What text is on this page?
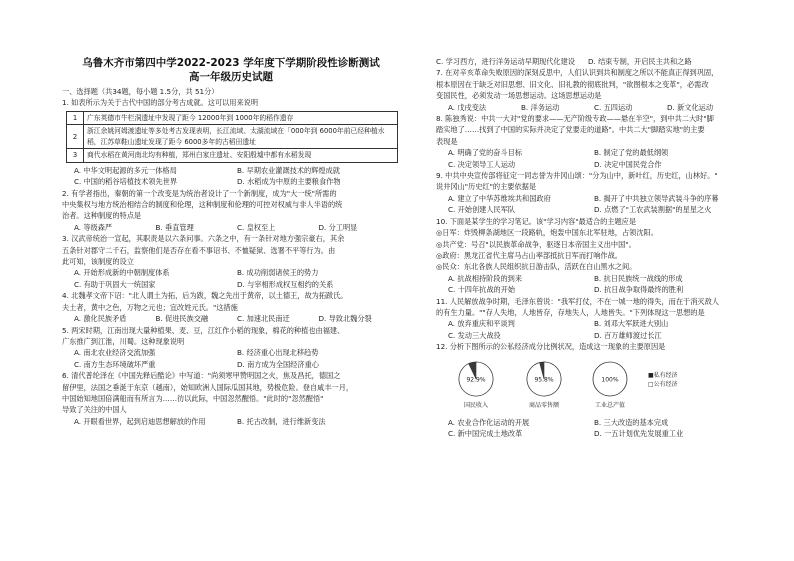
乌鲁木齐市第四中学2022-2023 学年度下学期阶段性诊断测试
高一年级历史试题
一、选择题（共34题，每小题 1.5分，共 51分）
1. 如表所示为关于古代中国的部分考古成就。这可以用来说明
1	广东英德市牛栏洞遗址中发现了距今 12000年到 1000年的稻作遗存
2	浙江余姚河姆渡遗址等多处考古发现表明，长江流域、太湖流域在「000年到 6000年前已经种植水稻，江苏草鞋山遗址发现了距今 6000多年的古稻田遗址
3	商代水稻在黄河南北均有种植，郑州白家庄遗址、安阳殷墟中都有水稻发现
A. 中华文明起源的多元一体格局	B. 早期农业灌溉技术的辉煌成就
C. 中国的稻谷培植技术领先世界	D. 水稻成为中原的主要粮食作物
2. 有学者指出，秦朝的第一个改变是为统治者设计了一个新制度，成为"大一统"所需的
中央集权与地方统治相结合的制度和伦理，这种制度和伦理的可控对权威与非人半语的统
治者。这种制度的特点是
A. 等级森严	B. 垂直管理	C. 皇权至上	D. 分工明显
3. 汉武帝统治一宣起，其职责是以六条问事。六条之中，有一条针对地方强宗豪右，其余
五条针对郡守二千石，监察他们是否存在看不事诏书、不恤疑狱、选署不平等行为。由
此可知，该制度的设立
A. 开始形成新的中朝制度体系	B. 成功削弱诸侯王的势力
C. 有助于巩固大一统国家	D. 与宰相形成权互相约的关系
4. 北魏孝文帝下诏："北人谓土为拓，后为跋，魏之先出于黄帝，以土德王，故为拓跋氏。
夫土者，黄中之色，万物之元也；宜改姓元氏。"这措施
A. 激化民族矛盾	B. 促进民族交融	C. 加速北民南迁	D. 导致北魏分裂
5. 两宋时期，江南出现大量种植果、麦、豆，江红作小稻的现象，棉花的种植也由福建、
广东推广到江淮，川蜀。这种现象说明
A. 南北农业经济交流加强	B. 经济重心出现北移趋势
C. 南方生态环境破坏严重	D. 南方成为全国经济重心
6. 清代普纶泽在《中国先释后酷论》中写道："尚须寒甲赞明国之火，焦及昌托，德国之
留伊里，法国之垂涎于东京（越南），始知欧洲人国际瓜国其地，势极危险。登自咸丰一月，
中国始知地国倍满船而有所言为……彷以此际，中国忽然醒悟。"此时的"忽然醒悟"
导致了关注的中国人
A. 开眼看世界，起到启迪思想解放的作用	B. 托古改制，进行维新变法
C. 学习西方，进行洋务运动早期现代化建设	D. 结束专制，开启民主共和之路
7. 在对辛亥革命失败原因的深刻反思中，人们认识到共和制度之所以不能真正得到巩固，
根本原因在于缺乏对旧思想、旧文化、旧礼教的彻底批判，"欲图根本之变革"，必需改
变国民性，必须发动一场思想运动。这场思想运动是
A. 戊戌变法	B. 洋务运动	C. 五四运动	D. 新文化运动
8. 陈独秀说：中共一大对"党的要求——无产阶级专政——悬在半空"，到中共二大时"脚
踏实地了……找到了中国的实际并决定了党要走的道路"。中共二大"脚踏实地"的主要
表现是
A. 明确了党的奋斗目标	B. 制定了党的最低纲领
C. 决定领导工人运动	D. 决定中国民党合作
9. 中共中央宣传部将征定一同志誉为井冈山颂："分为山中，新叶红，历史红，山林好。"
说井冈山"历史红"的主要依据是
A. 建立了中华苏维埃共和国政府	B. 揭开了中共独立领导武装斗争的序幕
C. 开始创建人民军队	D. 点燃了"工农武装割据"的星星之火
10. 下面是某学生的学习笔记。该"学习内容"最适合的主题应是
◎日军：炸毁柳条湖地区一段路轨，炮轰中国东北军驻地，占领沈阳。
◎共产党：号召"以民族革命战争，驱逐日本帝国主义出中国"。
◎政府：黑龙江省代主席马占山率部抵抗日军而打响作战。
◎民众：东北各族人民组织抗日游击队，活跃在白山黑水之间。
A. 抗战相持阶段的到来	B. 抗日民族统一战线的形成
C. 十四年抗战的开始	D. 抗日战争取得最终的胜利
11. 人民解放战争时期，毛泽东曾说："我军打仗，不在一城一地的得失，而在于消灭敌人
的有生力量。""存人失地，人地皆存，存地失人，人地皆失。"下列体现这一思想的是
A. 放弃重庆和平谈判	B. 刘邓大军跃进大别山
C. 发动三大战役	D. 百万雄师渡过长江
12. 分析下图所示的公私经济成分比例状况，造成这一现象的主要原因是
92.9%
国民收入
95.8%
商品零售额
100%
工业总产值
■私有经济
□公有经济
A. 农业合作化运动的开展	B. 三大改造的基本完成
C. 新中国完成土地改革	D. 一五计划优先发展重工业
